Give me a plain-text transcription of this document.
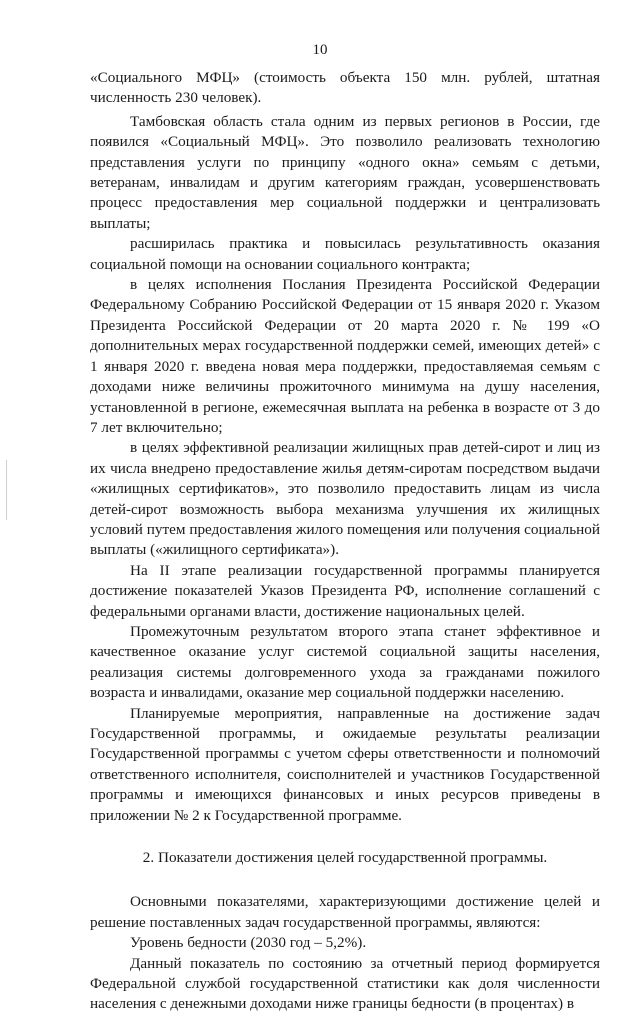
10

«Социального МФЦ» (стоимость объекта 150 млн. рублей, штатная численность 230 человек).

Тамбовская область стала одним из первых регионов в России, где появился «Социальный МФЦ». Это позволило реализовать технологию представления услуги по принципу «одного окна» семьям с детьми, ветеранам, инвалидам и другим категориям граждан, усовершенствовать процесс предоставления мер социальной поддержки и централизовать выплаты;

расширилась практика и повысилась результативность оказания социальной помощи на основании социального контракта;

в целях исполнения Послания Президента Российской Федерации Федеральному Собранию Российской Федерации от 15 января 2020 г. Указом Президента Российской Федерации от 20 марта 2020 г. № 199 «О дополнительных мерах государственной поддержки семей, имеющих детей» с 1 января 2020 г. введена новая мера поддержки, предоставляемая семьям с доходами ниже величины прожиточного минимума на душу населения, установленной в регионе, ежемесячная выплата на ребенка в возрасте от 3 до 7 лет включительно;

в целях эффективной реализации жилищных прав детей-сирот и лиц из их числа внедрено предоставление жилья детям-сиротам посредством выдачи «жилищных сертификатов», это позволило предоставить лицам из числа детей-сирот возможность выбора механизма улучшения их жилищных условий путем предоставления жилого помещения или получения социальной выплаты («жилищного сертификата»).

На II этапе реализации государственной программы планируется достижение показателей Указов Президента РФ, исполнение соглашений с федеральными органами власти, достижение национальных целей.

Промежуточным результатом второго этапа станет эффективное и качественное оказание услуг системой социальной защиты населения, реализация системы долговременного ухода за гражданами пожилого возраста и инвалидами, оказание мер социальной поддержки населению.

Планируемые мероприятия, направленные на достижение задач Государственной программы, и ожидаемые результаты реализации Государственной программы с учетом сферы ответственности и полномочий ответственного исполнителя, соисполнителей и участников Государственной программы и имеющихся финансовых и иных ресурсов приведены в приложении № 2 к Государственной программе.

2. Показатели достижения целей государственной программы.

Основными показателями, характеризующими достижение целей и решение поставленных задач государственной программы, являются:

Уровень бедности (2030 год – 5,2%).

Данный показатель по состоянию за отчетный период формируется Федеральной службой государственной статистики как доля численности населения с денежными доходами ниже границы бедности (в процентах) в
